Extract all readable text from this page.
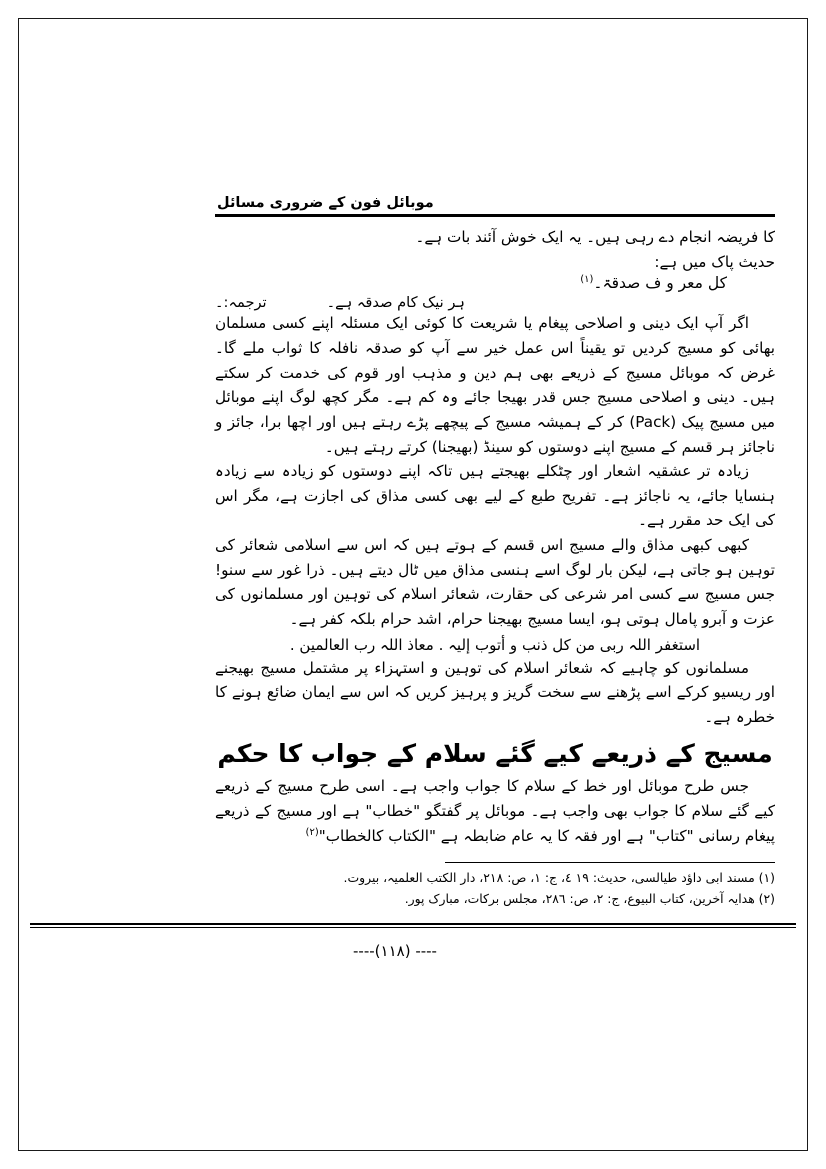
موبائل فون کے ضروری مسائل

کا فریضہ انجام دے رہی ہیں۔ یہ ایک خوش آئند بات ہے۔

حدیث پاک میں ہے:

کل معر و ف صدقۃ۔$^{(۱)}$

ترجمہ:۔	ہر نیک کام صدقہ ہے۔

اگر آپ ایک دینی و اصلاحی پیغام یا شریعت کا کوئی ایک مسئلہ اپنے کسی مسلمان بھائی کو مسیج کردیں تو یقیناً اس عمل خیر سے آپ کو صدقہ نافلہ کا ثواب ملے گا۔ غرض کہ موبائل مسیج کے ذریعے بھی ہم دین و مذہب اور قوم کی خدمت کر سکتے ہیں۔ دینی و اصلاحی مسیج جس قدر بھیجا جائے وہ کم ہے۔ مگر کچھ لوگ اپنے موبائل میں مسیج پیک (Pack) کر کے ہمیشہ مسیج کے پیچھے پڑے رہتے ہیں اور اچھا برا، جائز و ناجائز ہر قسم کے مسیج اپنے دوستوں کو سینڈ (بھیجنا) کرتے رہتے ہیں۔

زیادہ تر عشقیہ اشعار اور چٹکلے بھیجتے ہیں تاکہ اپنے دوستوں کو زیادہ سے زیادہ ہنسایا جائے، یہ ناجائز ہے۔ تفریح طبع کے لیے بھی کسی مذاق کی اجازت ہے، مگر اس کی ایک حد مقرر ہے۔

کبھی کبھی مذاق والے مسیج اس قسم کے ہوتے ہیں کہ اس سے اسلامی شعائر کی توہین ہو جاتی ہے، لیکن بار لوگ اسے ہنسی مذاق میں ٹال دیتے ہیں۔ ذرا غور سے سنو! جس مسیج سے کسی امر شرعی کی حقارت، شعائر اسلام کی توہین اور مسلمانوں کی عزت و آبرو پامال ہوتی ہو، ایسا مسیج بھیجنا حرام، اشد حرام بلکہ کفر ہے۔

استغفر اللہ ربی من کل ذنب و أتوب إلیہ . معاذ اللہ رب العالمین .

مسلمانوں کو چاہیے کہ شعائر اسلام کی توہین و استہزاء پر مشتمل مسیج بھیجنے اور ریسیو کرکے اسے پڑھنے سے سخت گریز و پرہیز کریں کہ اس سے ایمان ضائع ہونے کا خطرہ ہے۔

مسیج کے ذریعے کیے گئے سلام کے جواب کا حکم

جس طرح موبائل اور خط کے سلام کا جواب واجب ہے۔ اسی طرح مسیج کے ذریعے کیے گئے سلام کا جواب بھی واجب ہے۔ موبائل پر گفتگو "خطاب" ہے اور مسیج کے ذریعے پیغام رسانی "کتاب" ہے اور فقہ کا یہ عام ضابطہ ہے "الکتاب کالخطاب"$^{(۲)}$

(۱) مسند ابی داؤد طیالسی، حدیث: ۱۹ ٤، ج: ۱، ص: ۲۱۸، دار الکتب العلمیہ، بیروت.

(۲) ھدایہ آخرین، کتاب البیوع، ج: ۲، ص: ۲۸٦، مجلس برکات، مبارک پور.

---- (۱۱۸)----
